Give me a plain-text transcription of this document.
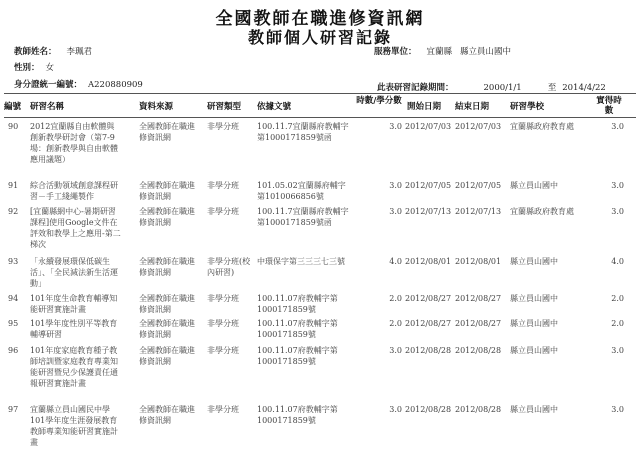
全國教師在職進修資訊網
教師個人研習記錄
教師姓名： 李珮君	服務單位： 宜蘭縣 縣立員山國中
性別： 女
身分證統一編號： A220880909	此表研習記錄期間：	2000/1/1	至 2014/4/22
編號 研習名稱	資料來源	研習類型 依據文號
時數/學分數
開始日期 結束日期 研習學校
實得時數
90	2012宜蘭縣自由軟體與創新教學研討會（第7-9場：創新教學與自由軟體應用議題）
全國教師在職進修資訊網
非學分班	100.11.7宜蘭縣府教輔字第1000171859號函
3.0 2012/07/03 2012/07/03 宜蘭縣政府教育處	3.0
91	綜合活動領域創意課程研習－手工綫繩製作
全國教師在職進修資訊網
非學分班	101.05.02宜蘭縣府輔字第1010066856號
3.0 2012/07/05 2012/07/05 縣立員山國中	3.0
92	[宜蘭縣網中心-暑期研習課程]使用Google文件在評效和教學上之應用-第二梯次
全國教師在職進修資訊網
非學分班	100.11.7宜蘭縣府教輔字第1000171859號函
3.0 2012/07/13 2012/07/13 宜蘭縣政府教育處	3.0
93	「永續發展環保低碳生活」、「全民減法新生活運動」
全國教師在職進修資訊網
非學分班(校內研習)
中環保字第三三三七三號	4.0 2012/08/01 2012/08/01 縣立員山國中	4.0
94	101年度生命教育輔導知能研習實施計畫
全國教師在職進修資訊網
非學分班	100.11.07府教輔字第1000171859號
2.0 2012/08/27 2012/08/27 縣立員山國中	2.0
95	101學年度性別平等教育輔導研習
全國教師在職進修資訊網
非學分班	100.11.07府教輔字第1000171859號
2.0 2012/08/27 2012/08/27 縣立員山國中	2.0
96	101年度家庭教育種子教師培訓暨家庭教育專業知能研習暨兒少保護責任通報研習實施計畫
全國教師在職進修資訊網
非學分班	100.11.07府教輔字第1000171859號
3.0 2012/08/28 2012/08/28 縣立員山國中	3.0
97	宜蘭縣立員山國民中學101學年度生涯發展教育教師專業知能研習實施計畫
全國教師在職進修資訊網
非學分班	100.11.07府教輔字第1000171859號
3.0 2012/08/28 2012/08/28 縣立員山國中	3.0
